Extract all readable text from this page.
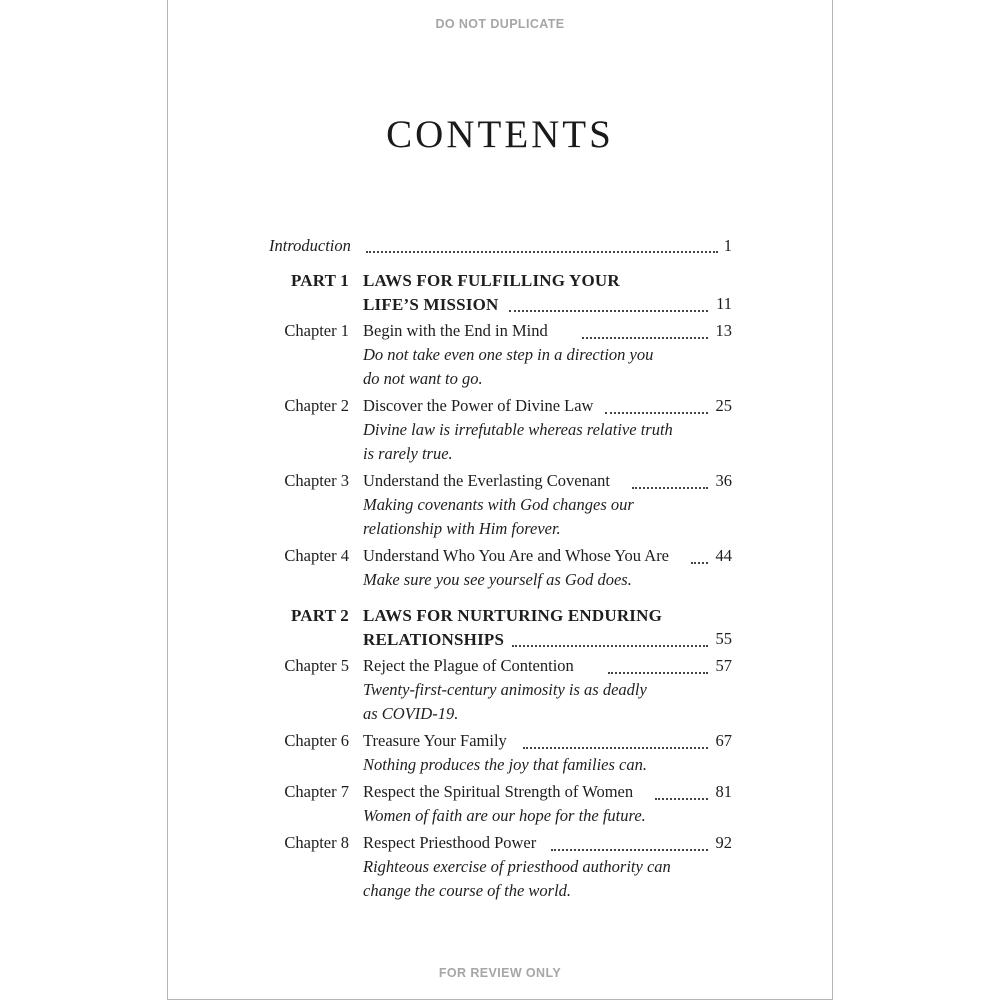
DO NOT DUPLICATE
CONTENTS
Introduction	1
PART 1 LAWS FOR FULFILLING YOUR
LIFE’S MISSION	11
Chapter 1 Begin with the End in Mind	13
Do not take even one step in a direction you
do not want to go.
Chapter 2 Discover the Power of Divine Law	25
Divine law is irrefutable whereas relative truth
is rarely true.
Chapter 3 Understand the Everlasting Covenant	36
Making covenants with God changes our
relationship with Him forever.
Chapter 4 Understand Who You Are and Whose You Are	44
Make sure you see yourself as God does.
PART 2 LAWS FOR NURTURING ENDURING
RELATIONSHIPS	55
Chapter 5 Reject the Plague of Contention	57
Twenty-first-century animosity is as deadly
as COVID-19.
Chapter 6 Treasure Your Family	67
Nothing produces the joy that families can.
Chapter 7 Respect the Spiritual Strength of Women	81
Women of faith are our hope for the future.
Chapter 8 Respect Priesthood Power	92
Righteous exercise of priesthood authority can
change the course of the world.
FOR REVIEW ONLY
